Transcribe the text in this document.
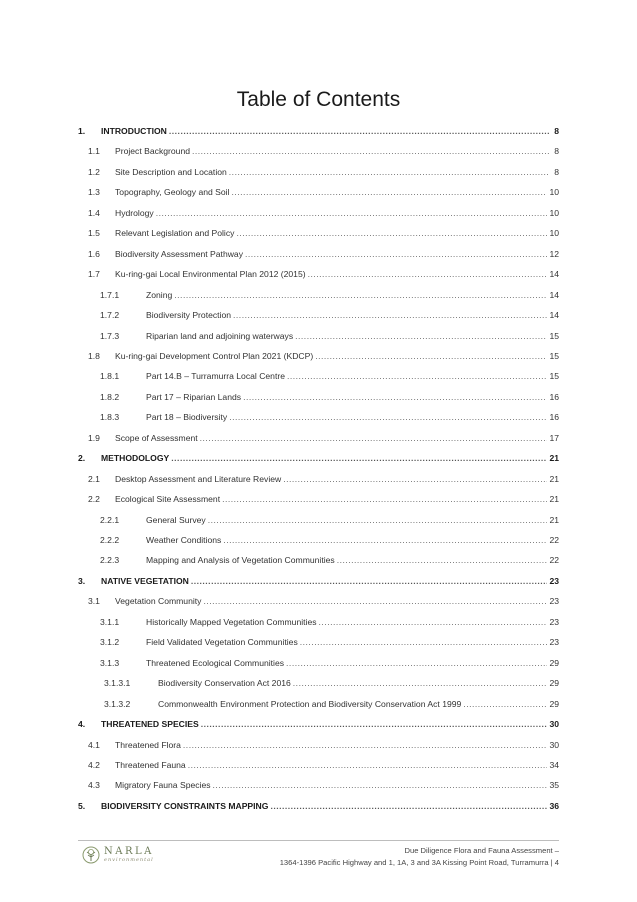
Table of Contents
1.	INTRODUCTION .....	8
1.1	Project Background .....	8
1.2	Site Description and Location .....	8
1.3	Topography, Geology and Soil .....	10
1.4	Hydrology .....	10
1.5	Relevant Legislation and Policy .....	10
1.6	Biodiversity Assessment Pathway .....	12
1.7	Ku-ring-gai Local Environmental Plan 2012 (2015) .....	14
1.7.1	Zoning .....	14
1.7.2	Biodiversity Protection .....	14
1.7.3	Riparian land and adjoining waterways .....	15
1.8	Ku-ring-gai Development Control Plan 2021 (KDCP) .....	15
1.8.1	Part 14.B – Turramurra Local Centre .....	15
1.8.2	Part 17 – Riparian Lands .....	16
1.8.3	Part 18 – Biodiversity .....	16
1.9	Scope of Assessment .....	17
2.	METHODOLOGY .....	21
2.1	Desktop Assessment and Literature Review .....	21
2.2	Ecological Site Assessment .....	21
2.2.1	General Survey .....	21
2.2.2	Weather Conditions .....	22
2.2.3	Mapping and Analysis of Vegetation Communities .....	22
3.	NATIVE VEGETATION .....	23
3.1	Vegetation Community .....	23
3.1.1	Historically Mapped Vegetation Communities .....	23
3.1.2	Field Validated Vegetation Communities .....	23
3.1.3	Threatened Ecological Communities .....	29
3.1.3.1	Biodiversity Conservation Act 2016 .....	29
3.1.3.2	Commonwealth Environment Protection and Biodiversity Conservation Act 1999 .....	29
4.	THREATENED SPECIES .....	30
4.1	Threatened Flora .....	30
4.2	Threatened Fauna .....	34
4.3	Migratory Fauna Species .....	35
5.	BIODIVERSITY CONSTRAINTS MAPPING .....	36
NARLA
environmental
Due Diligence Flora and Fauna Assessment –
1364-1396 Pacific Highway and 1, 1A, 3 and 3A Kissing Point Road, Turramurra | 4
